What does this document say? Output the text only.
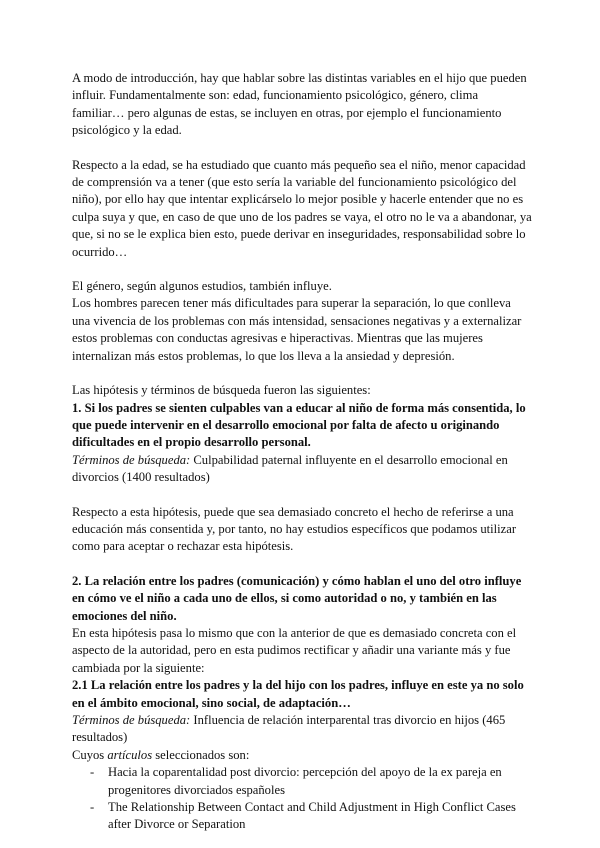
A modo de introducción, hay que hablar sobre las distintas variables en el hijo que pueden influir. Fundamentalmente son: edad, funcionamiento psicológico, género, clima familiar… pero algunas de estas, se incluyen en otras, por ejemplo el funcionamiento psicológico y la edad.

Respecto a la edad, se ha estudiado que cuanto más pequeño sea el niño, menor capacidad de comprensión va a tener (que esto sería la variable del funcionamiento psicológico del niño), por ello hay que intentar explicárselo lo mejor posible y hacerle entender que no es culpa suya y que, en caso de que uno de los padres se vaya, el otro no le va a abandonar, ya que, si no se le explica bien esto, puede derivar en inseguridades, responsabilidad sobre lo ocurrido…

El género, según algunos estudios, también influye.

Los hombres parecen tener más dificultades para superar la separación, lo que conlleva una vivencia de los problemas con más intensidad, sensaciones negativas y a externalizar estos problemas con conductas agresivas e hiperactivas. Mientras que las mujeres internalizan más estos problemas, lo que los lleva a la ansiedad y depresión.

Las hipótesis y términos de búsqueda fueron las siguientes:

1. Si los padres se sienten culpables van a educar al niño de forma más consentida, lo que puede intervenir en el desarrollo emocional por falta de afecto u originando dificultades en el propio desarrollo personal.

Términos de búsqueda: Culpabilidad paternal influyente en el desarrollo emocional en divorcios (1400 resultados)

Respecto a esta hipótesis, puede que sea demasiado concreto el hecho de referirse a una educación más consentida y, por tanto, no hay estudios específicos que podamos utilizar como para aceptar o rechazar esta hipótesis.

2. La relación entre los padres (comunicación) y cómo hablan el uno del otro influye en cómo ve el niño a cada uno de ellos, si como autoridad o no, y también en las emociones del niño.

En esta hipótesis pasa lo mismo que con la anterior de que es demasiado concreta con el aspecto de la autoridad, pero en esta pudimos rectificar y añadir una variante más y fue cambiada por la siguiente:

2.1 La relación entre los padres y la del hijo con los padres, influye en este ya no solo en el ámbito emocional, sino social, de adaptación…

Términos de búsqueda: Influencia de relación interparental tras divorcio en hijos (465 resultados)

Cuyos artículos seleccionados son:

- Hacia la coparentalidad post divorcio: percepción del apoyo de la ex pareja en progenitores divorciados españoles
- The Relationship Between Contact and Child Adjustment in High Conflict Cases after Divorce or Separation
